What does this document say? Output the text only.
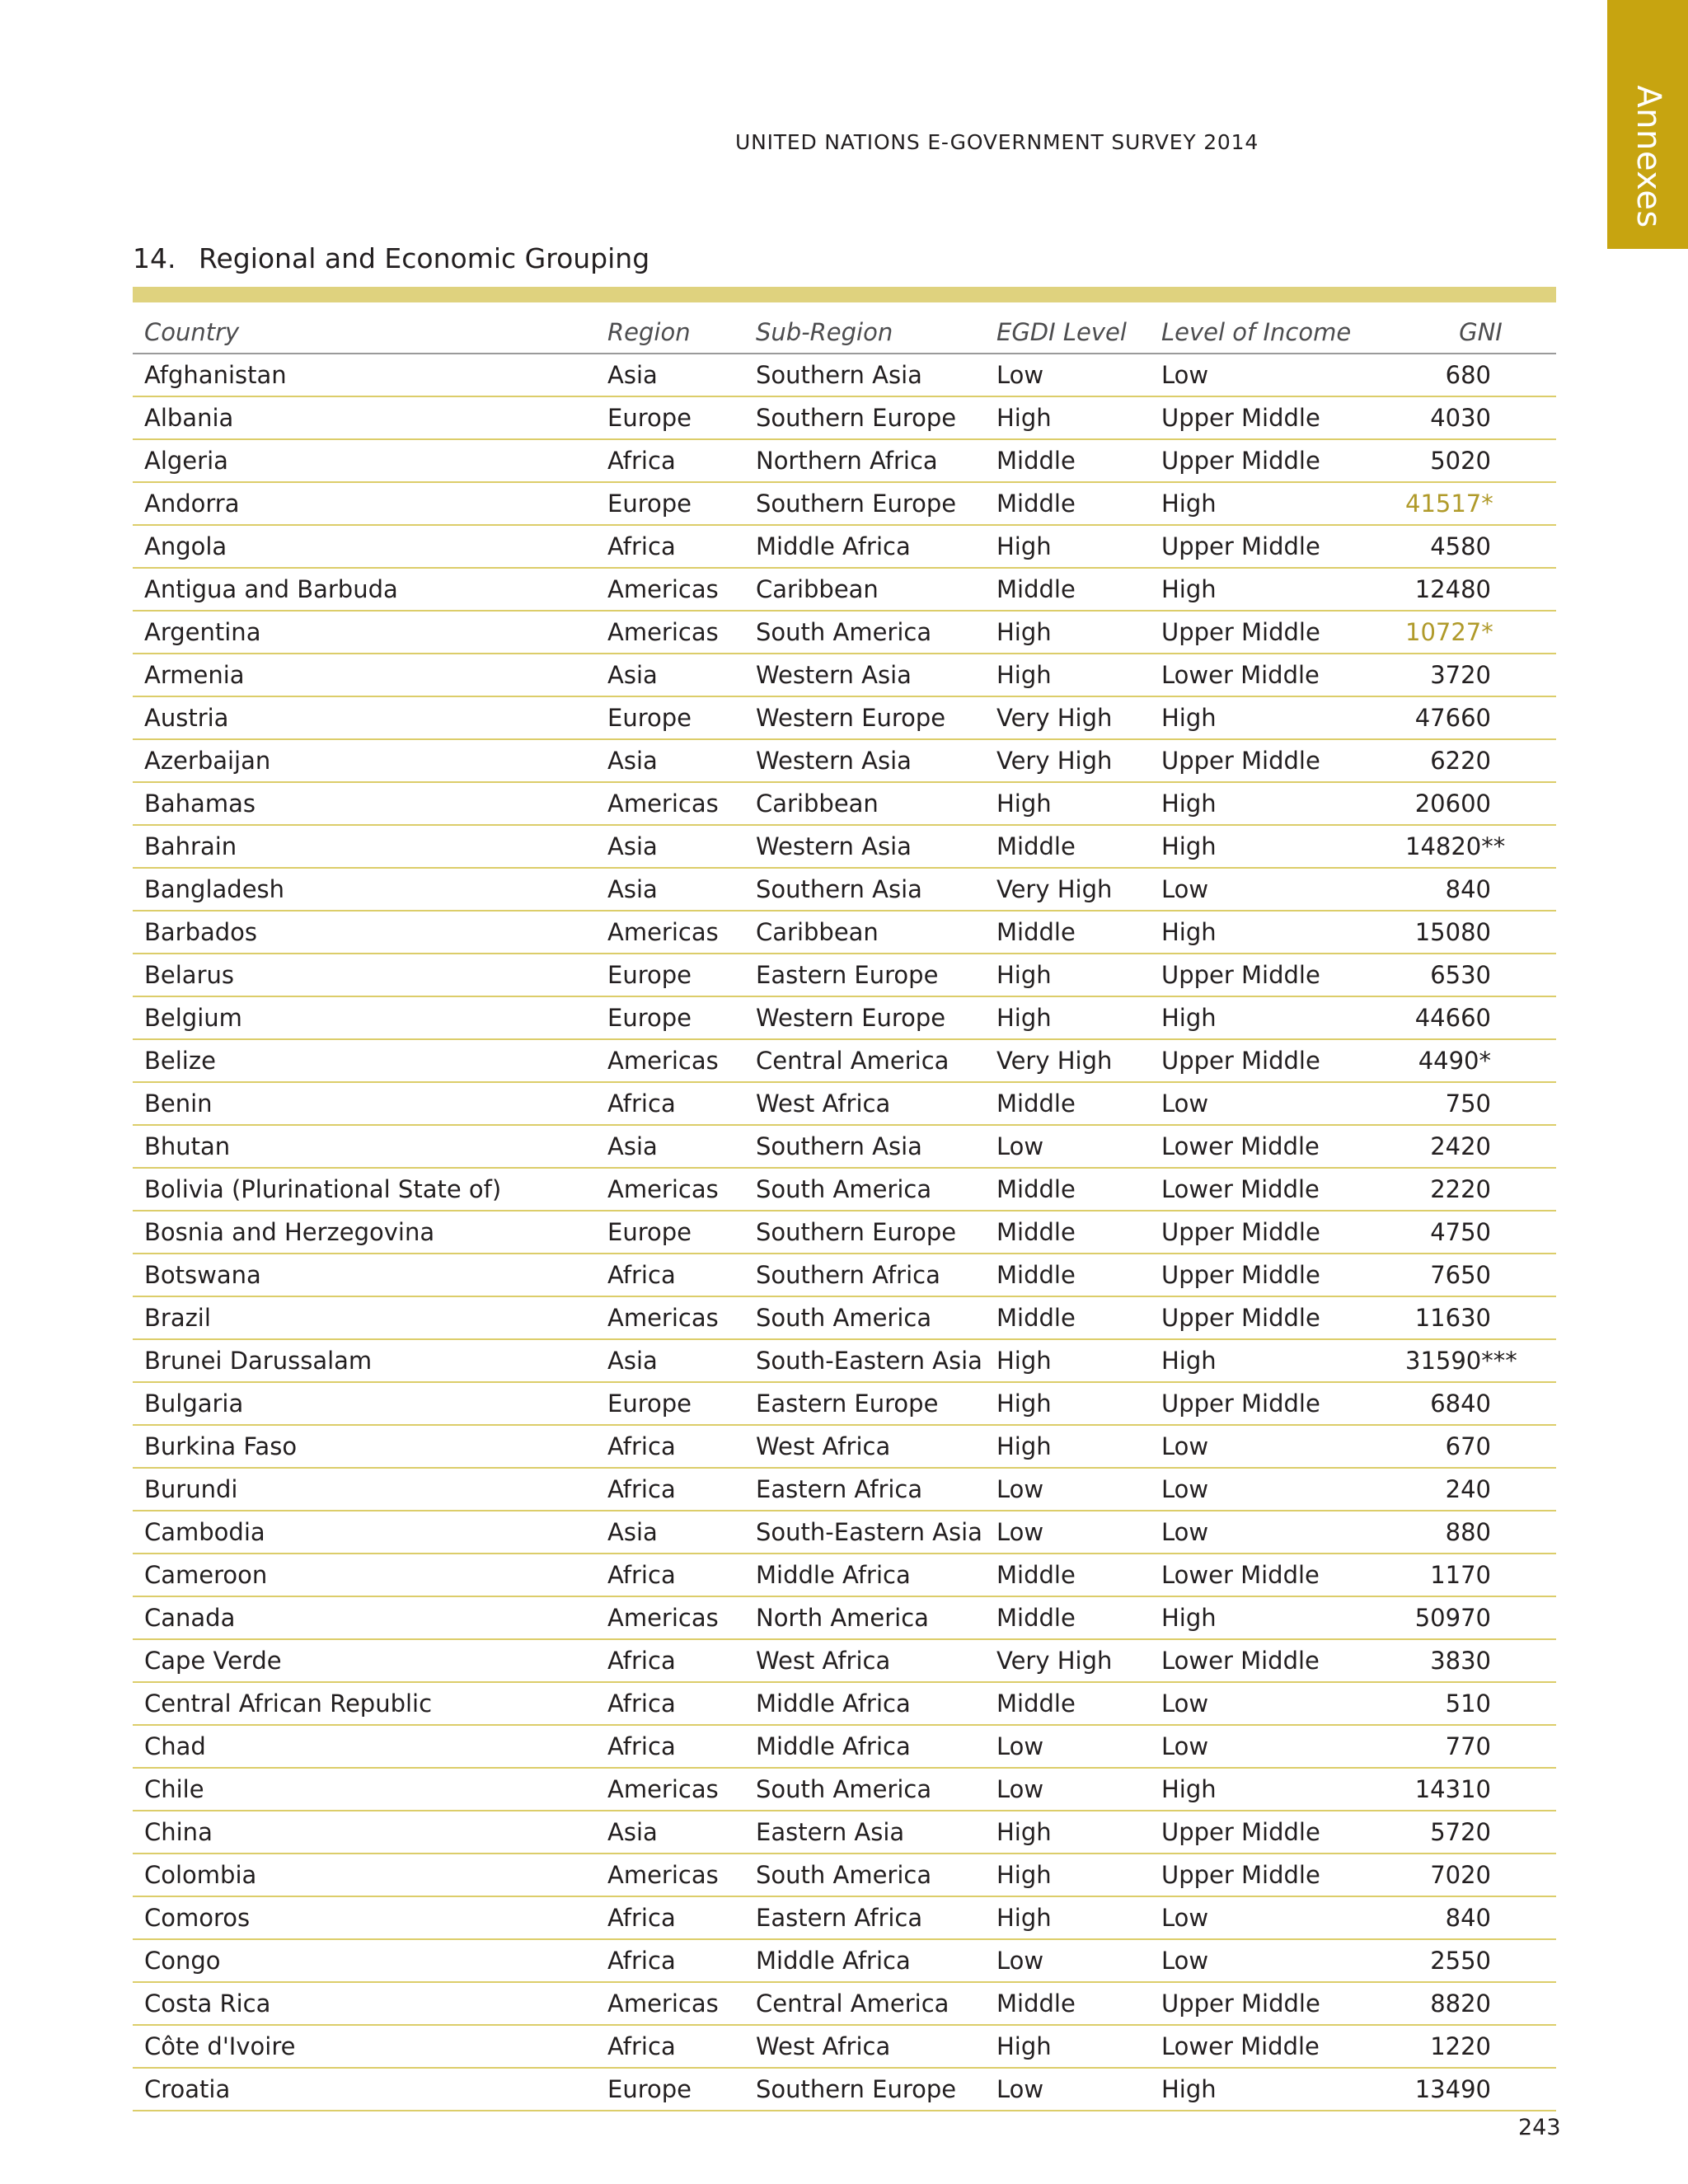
Annexes
UNITED NATIONS E-GOVERNMENT SURVEY 2014
14. Regional and Economic Grouping
Country	Region	Sub-Region	EGDI Level	Level of Income	GNI
Afghanistan	Asia	Southern Asia	Low	Low	680
Albania	Europe	Southern Europe	High	Upper Middle	4030
Algeria	Africa	Northern Africa	Middle	Upper Middle	5020
Andorra	Europe	Southern Europe	Middle	High	41517*
Angola	Africa	Middle Africa	High	Upper Middle	4580
Antigua and Barbuda	Americas	Caribbean	Middle	High	12480
Argentina	Americas	South America	High	Upper Middle	10727*
Armenia	Asia	Western Asia	High	Lower Middle	3720
Austria	Europe	Western Europe	Very High	High	47660
Azerbaijan	Asia	Western Asia	Very High	Upper Middle	6220
Bahamas	Americas	Caribbean	High	High	20600
Bahrain	Asia	Western Asia	Middle	High	14820**
Bangladesh	Asia	Southern Asia	Very High	Low	840
Barbados	Americas	Caribbean	Middle	High	15080
Belarus	Europe	Eastern Europe	High	Upper Middle	6530
Belgium	Europe	Western Europe	High	High	44660
Belize	Americas	Central America	Very High	Upper Middle	4490*
Benin	Africa	West Africa	Middle	Low	750
Bhutan	Asia	Southern Asia	Low	Lower Middle	2420
Bolivia (Plurinational State of)	Americas	South America	Middle	Lower Middle	2220
Bosnia and Herzegovina	Europe	Southern Europe	Middle	Upper Middle	4750
Botswana	Africa	Southern Africa	Middle	Upper Middle	7650
Brazil	Americas	South America	Middle	Upper Middle	11630
Brunei Darussalam	Asia	South-Eastern Asia	High	High	31590***
Bulgaria	Europe	Eastern Europe	High	Upper Middle	6840
Burkina Faso	Africa	West Africa	High	Low	670
Burundi	Africa	Eastern Africa	Low	Low	240
Cambodia	Asia	South-Eastern Asia	Low	Low	880
Cameroon	Africa	Middle Africa	Middle	Lower Middle	1170
Canada	Americas	North America	Middle	High	50970
Cape Verde	Africa	West Africa	Very High	Lower Middle	3830
Central African Republic	Africa	Middle Africa	Middle	Low	510
Chad	Africa	Middle Africa	Low	Low	770
Chile	Americas	South America	Low	High	14310
China	Asia	Eastern Asia	High	Upper Middle	5720
Colombia	Americas	South America	High	Upper Middle	7020
Comoros	Africa	Eastern Africa	High	Low	840
Congo	Africa	Middle Africa	Low	Low	2550
Costa Rica	Americas	Central America	Middle	Upper Middle	8820
Côte d'Ivoire	Africa	West Africa	High	Lower Middle	1220
Croatia	Europe	Southern Europe	Low	High	13490
243
